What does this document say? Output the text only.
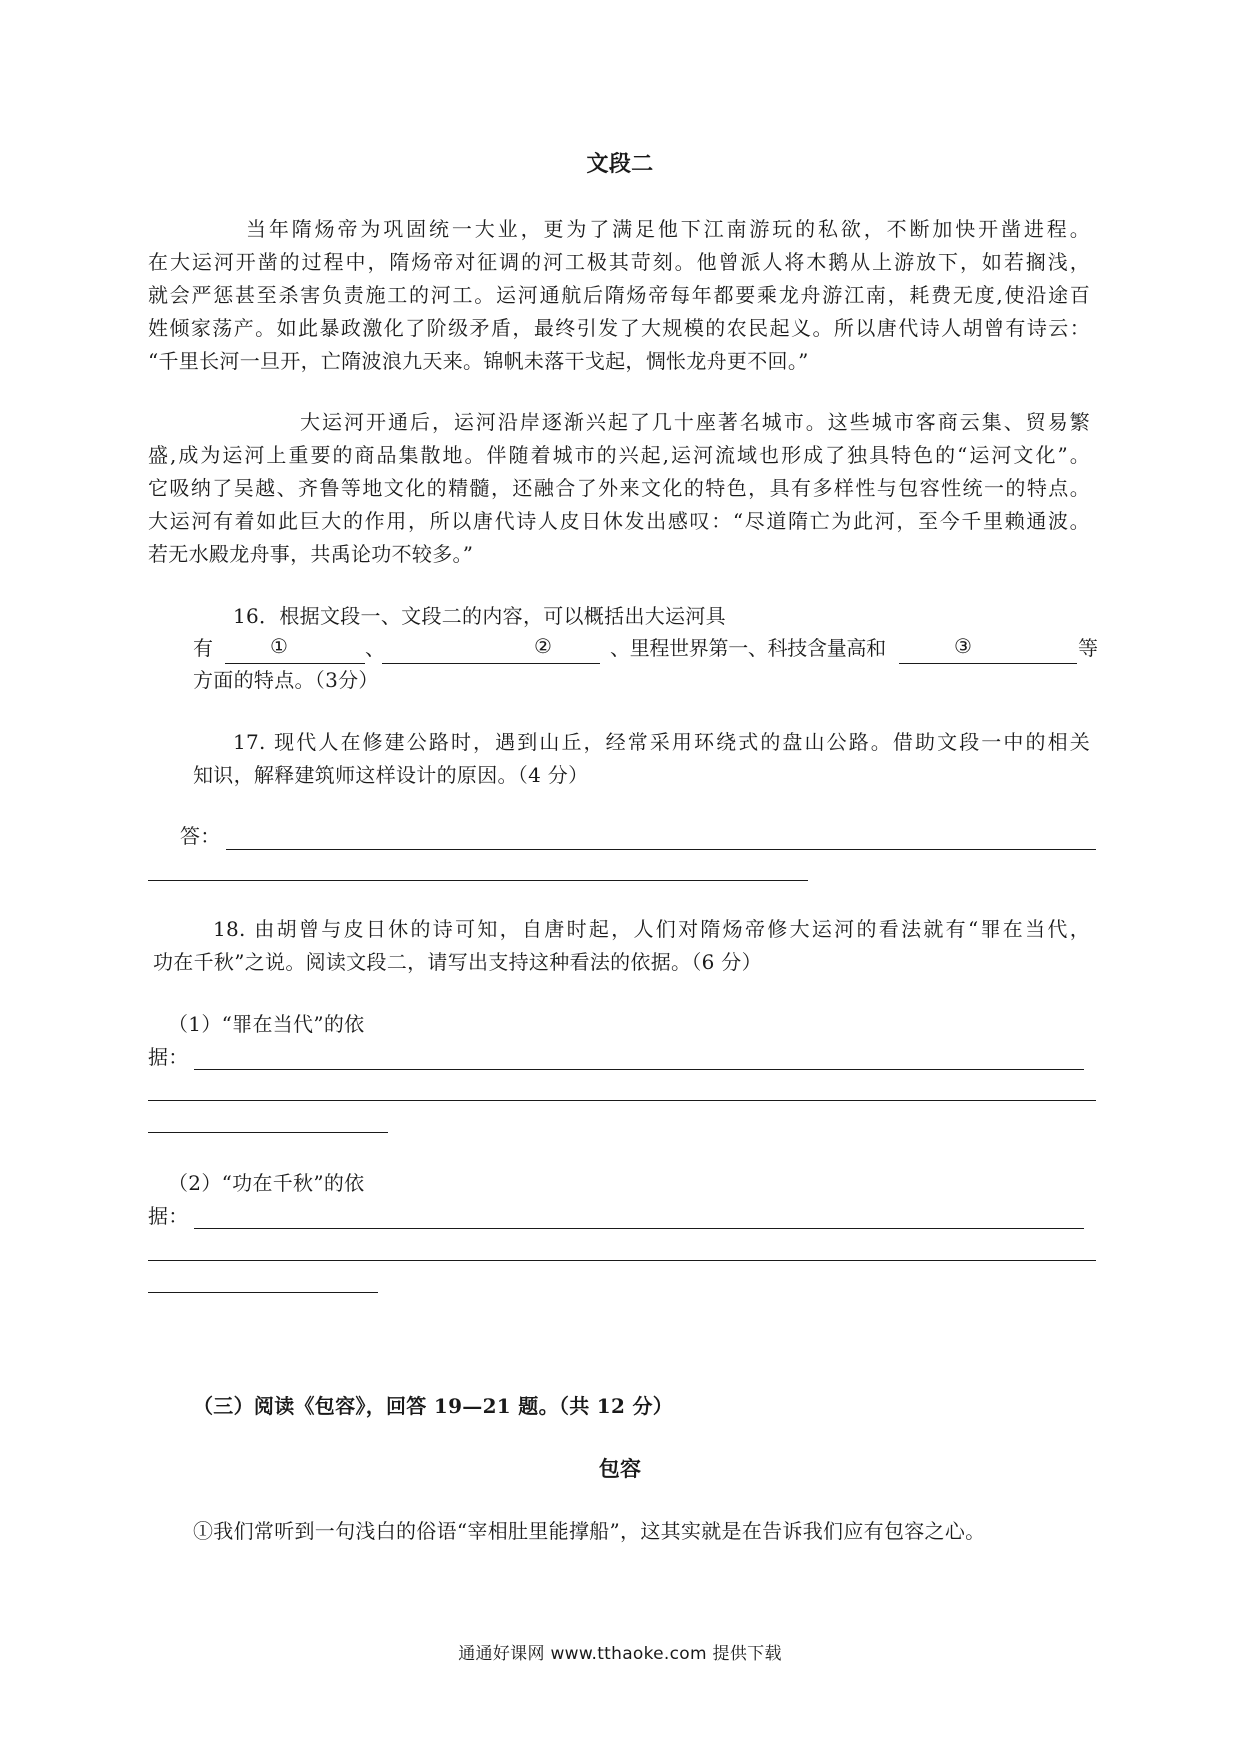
文段二
当年隋炀帝为巩固统一大业，更为了满足他下江南游玩的私欲，不断加快开凿进程。
在大运河开凿的过程中，隋炀帝对征调的河工极其苛刻。他曾派人将木鹅从上游放下，如若搁浅，
就会严惩甚至杀害负责施工的河工。运河通航后隋炀帝每年都要乘龙舟游江南，耗费无度,使沿途百
姓倾家荡产。如此暴政激化了阶级矛盾，最终引发了大规模的农民起义。所以唐代诗人胡曾有诗云：
“千里长河一旦开，亡隋波浪九天来。锦帆未落干戈起，惆怅龙舟更不回。”
大运河开通后，运河沿岸逐渐兴起了几十座著名城市。这些城市客商云集、贸易繁
盛,成为运河上重要的商品集散地。伴随着城市的兴起,运河流域也形成了独具特色的“运河文化”。
它吸纳了吴越、齐鲁等地文化的精髓，还融合了外来文化的特色，具有多样性与包容性统一的特点。
大运河有着如此巨大的作用，所以唐代诗人皮日休发出感叹：“尽道隋亡为此河，至今千里赖通波。
若无水殿龙舟事，共禹论功不较多。”
16．根据文段一、文段二的内容，可以概括出大运河具
有	①	、	②	、里程世界第一、科技含量高和	③	等
方面的特点。（3分）
17. 现代人在修建公路时，遇到山丘，经常采用环绕式的盘山公路。借助文段一中的相关
知识，解释建筑师这样设计的原因。（4 分）
答：
18. 由胡曾与皮日休的诗可知，自唐时起，人们对隋炀帝修大运河的看法就有“罪在当代，
功在千秋”之说。阅读文段二，请写出支持这种看法的依据。（6 分）
（1）“罪在当代”的依
据：
（2）“功在千秋”的依
据：
（三）阅读《包容》，回答 19—21 题。（共 12 分）
包容
①我们常听到一句浅白的俗语“宰相肚里能撑船”，这其实就是在告诉我们应有包容之心。
通通好课网 www.tthaoke.com 提供下载
